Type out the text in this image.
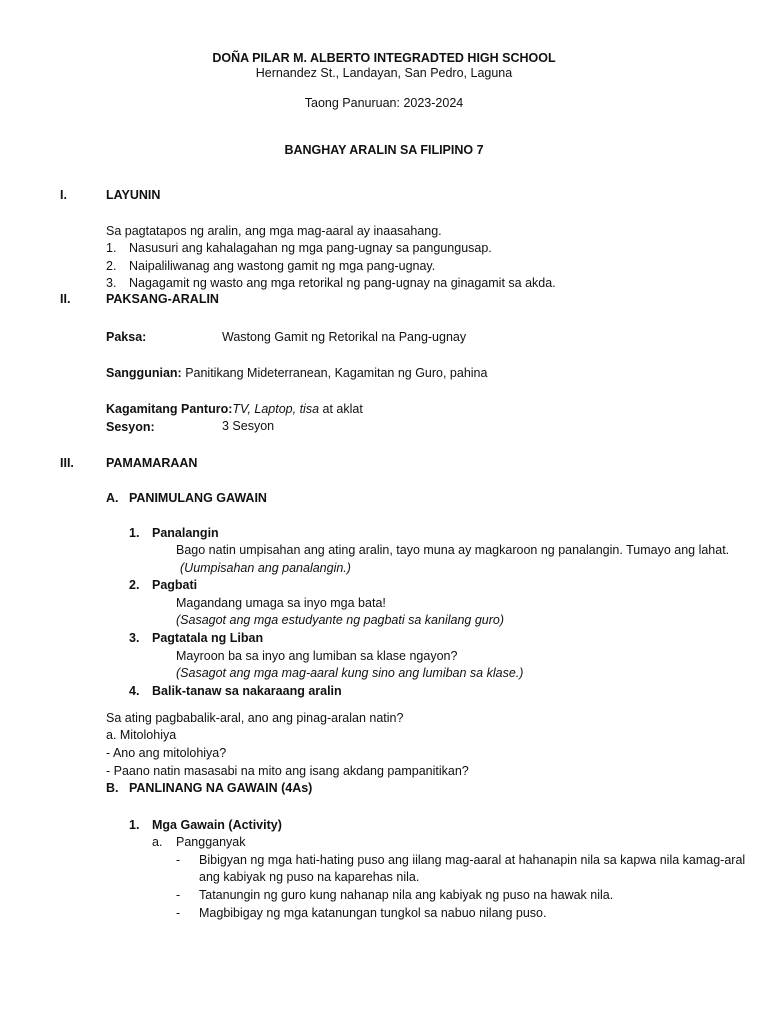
DOÑA PILAR M. ALBERTO INTEGRADTED HIGH SCHOOL
Hernandez St., Landayan, San Pedro, Laguna
Taong Panuruan: 2023-2024
BANGHAY ARALIN SA FILIPINO 7
I.	LAYUNIN
Sa pagtatapos ng aralin, ang mga mag-aaral ay inaasahang.
1. Nasusuri ang kahalagahan ng mga pang-ugnay sa pangungusap.
2. Naipaliliwanag ang wastong gamit ng mga pang-ugnay.
3. Nagagamit ng wasto ang mga retorikal ng pang-ugnay na ginagamit sa akda.
II.	PAKSANG-ARALIN
Paksa:	Wastong Gamit ng Retorikal na Pang-ugnay
Sanggunian: Panitikang Mideterranean, Kagamitan ng Guro, pahina
Kagamitang Panturo:TV, Laptop, tisa at aklat
Sesyon:	3 Sesyon
III.	PAMAMARAAN
A. PANIMULANG GAWAIN
1. Panalangin
Bago natin umpisahan ang ating aralin, tayo muna ay magkaroon ng panalangin. Tumayo ang lahat.
(Uumpisahan ang panalangin.)
2. Pagbati
Magandang umaga sa inyo mga bata!
(Sasagot ang mga estudyante ng pagbati sa kanilang guro)
3. Pagtatala ng Liban
Mayroon ba sa inyo ang lumiban sa klase ngayon?
(Sasagot ang mga mag-aaral kung sino ang lumiban sa klase.)
4. Balik-tanaw sa nakaraang aralin
Sa ating pagbabalik-aral, ano ang pinag-aralan natin?
a. Mitolohiya
- Ano ang mitolohiya?
- Paano natin masasabi na mito ang isang akdang pampanitikan?
B. PANLINANG NA GAWAIN (4As)
1. Mga Gawain (Activity)
a. Pangganyak
- Bibigyan ng mga hati-hating puso ang iilang mag-aaral at hahanapin nila sa kapwa nila kamag-aral
ang kabiyak ng puso na kaparehas nila.
- Tatanungin ng guro kung nahanap nila ang kabiyak ng puso na hawak nila.
- Magbibigay ng mga katanungan tungkol sa nabuo nilang puso.
